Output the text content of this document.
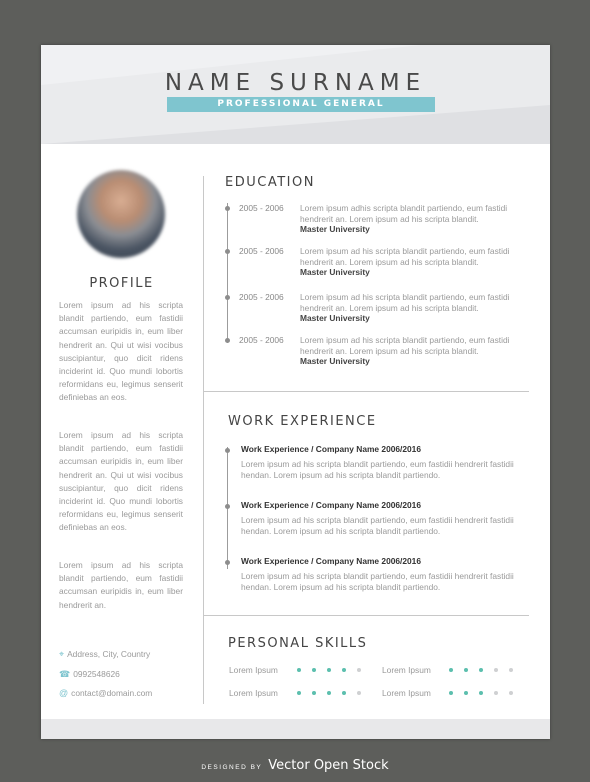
NAME SURNAME
PROFESSIONAL GENERAL
PROFILE
Lorem ipsum ad his scripta blandit partiendo, eum fastidii accumsan euripidis in, eum liber hendrerit an. Qui ut wisi vocibus suscipiantur, quo dicit ridens inciderint id. Quo mundi lobortis reformidans eu, legimus senserit definiebas an eos.
Lorem ipsum ad his scripta blandit partiendo, eum fastidii accumsan euripidis in, eum liber hendrerit an. Qui ut wisi vocibus suscipiantur, quo dicit ridens inciderint id. Quo mundi lobortis reformidans eu, legimus senserit definiebas an eos.
Lorem ipsum ad his scripta blandit partiendo, eum fastidii accumsan euripidis in, eum liber hendrerit an.
⌖ Address, City, Country
☎ 0992548626
@ contact@domain.com
EDUCATION
2005 - 2006 Lorem ipsum adhis scripta blandit partiendo, eum fastidi hendrerit an. Lorem ipsum ad his scripta blandit.
Master University
2005 - 2006 Lorem ipsum ad his scripta blandit partiendo, eum fastidi hendrerit an. Lorem ipsum ad his scripta blandit.
Master University
2005 - 2006 Lorem ipsum ad his scripta blandit partiendo, eum fastidi hendrerit an. Lorem ipsum ad his scripta blandit.
Master University
2005 - 2006 Lorem ipsum ad his scripta blandit partiendo, eum fastidi hendrerit an. Lorem ipsum ad his scripta blandit.
Master University
WORK EXPERIENCE
Work Experience / Company Name 2006/2016
Lorem ipsum ad his scripta blandit partiendo, eum fastidii hendrerit fastidii hendan. Lorem ipsum ad his scripta blandit partiendo.
Work Experience / Company Name 2006/2016
Lorem ipsum ad his scripta blandit partiendo, eum fastidii hendrerit fastidii hendan. Lorem ipsum ad his scripta blandit partiendo.
Work Experience / Company Name 2006/2016
Lorem ipsum ad his scripta blandit partiendo, eum fastidii hendrerit fastidii hendan. Lorem ipsum ad his scripta blandit partiendo.
PERSONAL SKILLS
Lorem Ipsum	Lorem Ipsum
Lorem Ipsum	Lorem Ipsum
DESIGNED BY Vector Open Stock
